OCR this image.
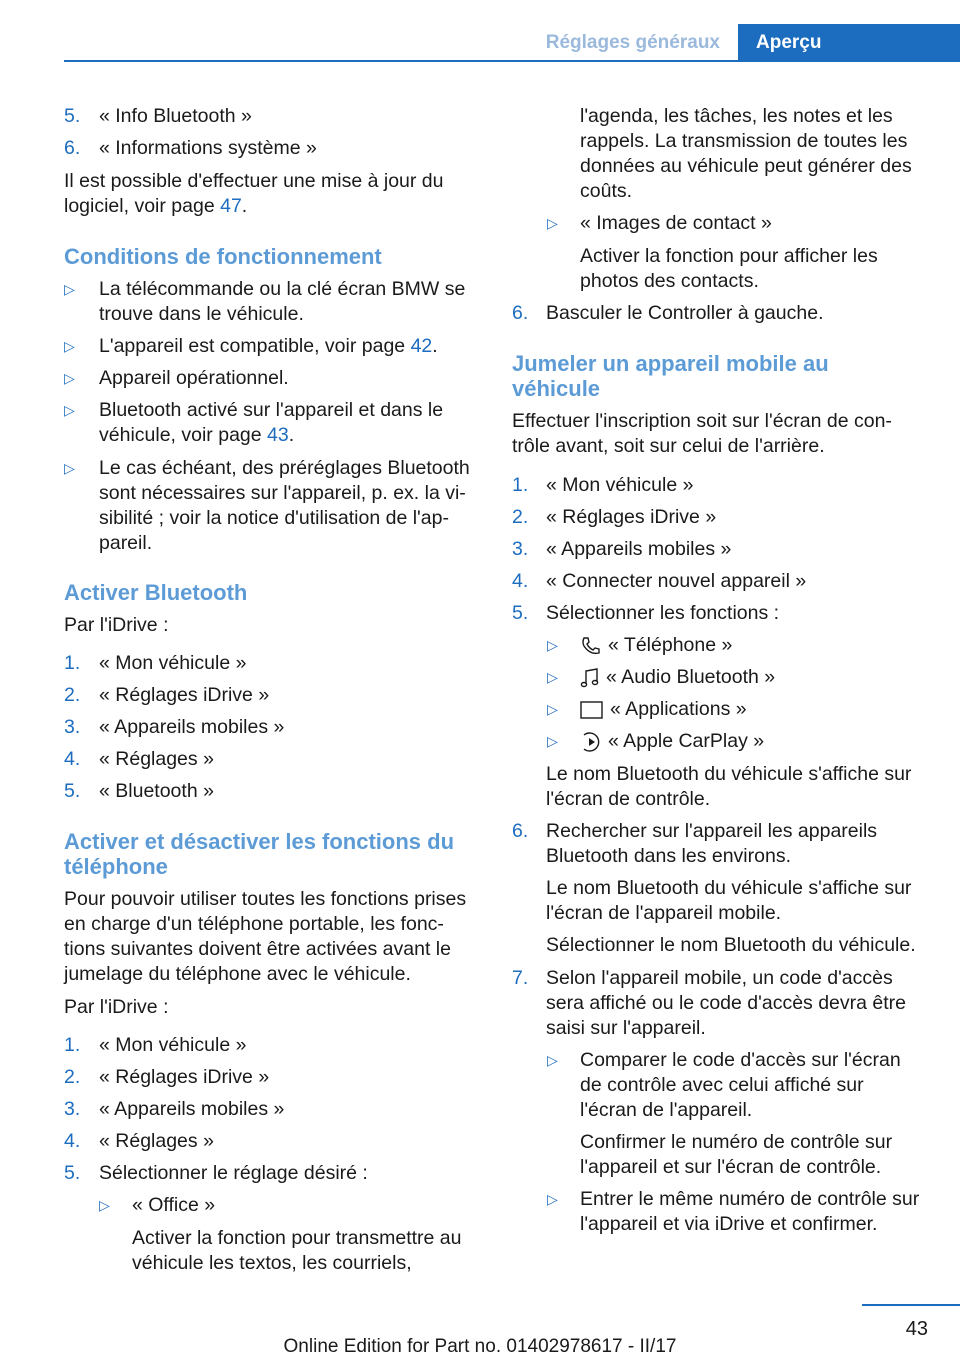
Réglages généraux	Aperçu
5. « Info Bluetooth »
6. « Informations système »
Il est possible d'effectuer une mise à jour du
logiciel, voir page 47.
Conditions de fonctionnement
▷ La télécommande ou la clé écran BMW se
trouve dans le véhicule.
▷ L'appareil est compatible, voir page 42.
▷ Appareil opérationnel.
▷ Bluetooth activé sur l'appareil et dans le
véhicule, voir page 43.
▷ Le cas échéant, des préréglages Bluetooth
sont nécessaires sur l'appareil, p. ex. la vi-
sibilité ; voir la notice d'utilisation de l'ap-
pareil.
Activer Bluetooth
Par l'iDrive :
1. « Mon véhicule »
2. « Réglages iDrive »
3. « Appareils mobiles »
4. « Réglages »
5. « Bluetooth »
Activer et désactiver les fonctions du
téléphone
Pour pouvoir utiliser toutes les fonctions prises
en charge d'un téléphone portable, les fonc-
tions suivantes doivent être activées avant le
jumelage du téléphone avec le véhicule.
Par l'iDrive :
1. « Mon véhicule »
2. « Réglages iDrive »
3. « Appareils mobiles »
4. « Réglages »
5. Sélectionner le réglage désiré :
▷ « Office »
Activer la fonction pour transmettre au
véhicule les textos, les courriels,
l'agenda, les tâches, les notes et les
rappels. La transmission de toutes les
données au véhicule peut générer des
coûts.
▷ « Images de contact »
Activer la fonction pour afficher les
photos des contacts.
6. Basculer le Controller à gauche.
Jumeler un appareil mobile au
véhicule
Effectuer l'inscription soit sur l'écran de con-
trôle avant, soit sur celui de l'arrière.
1. « Mon véhicule »
2. « Réglages iDrive »
3. « Appareils mobiles »
4. « Connecter nouvel appareil »
5. Sélectionner les fonctions :
▷	« Téléphone »
▷	« Audio Bluetooth »
▷	« Applications »
▷	« Apple CarPlay »
Le nom Bluetooth du véhicule s'affiche sur
l'écran de contrôle.
6. Rechercher sur l'appareil les appareils
Bluetooth dans les environs.
Le nom Bluetooth du véhicule s'affiche sur
l'écran de l'appareil mobile.
Sélectionner le nom Bluetooth du véhicule.
7. Selon l'appareil mobile, un code d'accès
sera affiché ou le code d'accès devra être
saisi sur l'appareil.
▷ Comparer le code d'accès sur l'écran
de contrôle avec celui affiché sur
l'écran de l'appareil.
Confirmer le numéro de contrôle sur
l'appareil et sur l'écran de contrôle.
▷ Entrer le même numéro de contrôle sur
l'appareil et via iDrive et confirmer.
43
Online Edition for Part no. 01402978617 - II/17
